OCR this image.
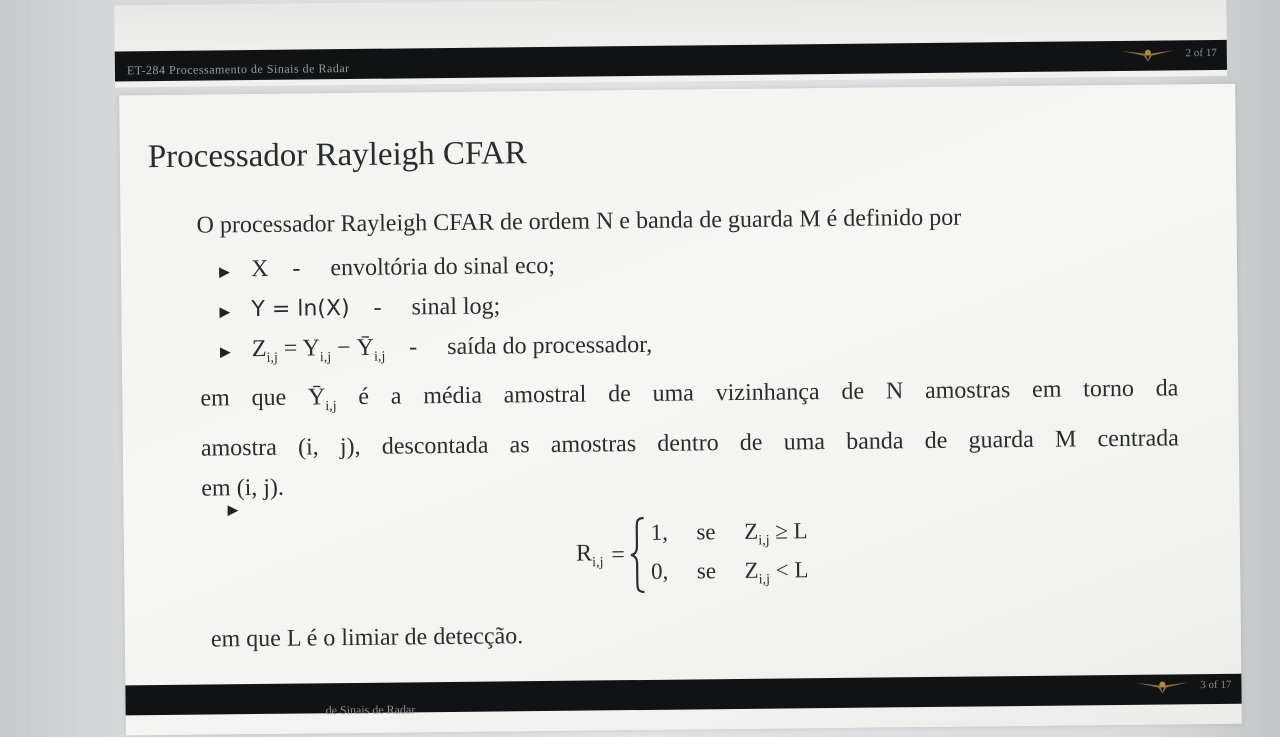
ET-284 Processamento de Sinais de Radar
2 of 17
Processador Rayleigh CFAR
O processador Rayleigh CFAR de ordem N e banda de guarda M é definido por
▶ X - envoltória do sinal eco;
▶ Y = ln(X) - sinal log;
▶ $Z_{i,j} = Y_{i,j}$ − $Ȳ_{i,j}$ - saída do processador,
em que $Ȳ_{i,j}$ é a média amostral de uma vizinhança de N amostras em torno da
amostra (i, j), descontada as amostras dentro de uma banda de guarda M centrada
em (i, j).
▶
$R_{i,j}$ =
1, se $Z_{i,j} \ge L$
0, se $Z_{i,j} < L$
em que L é o limiar de detecção.
de Sinais de Radar
3 of 17
